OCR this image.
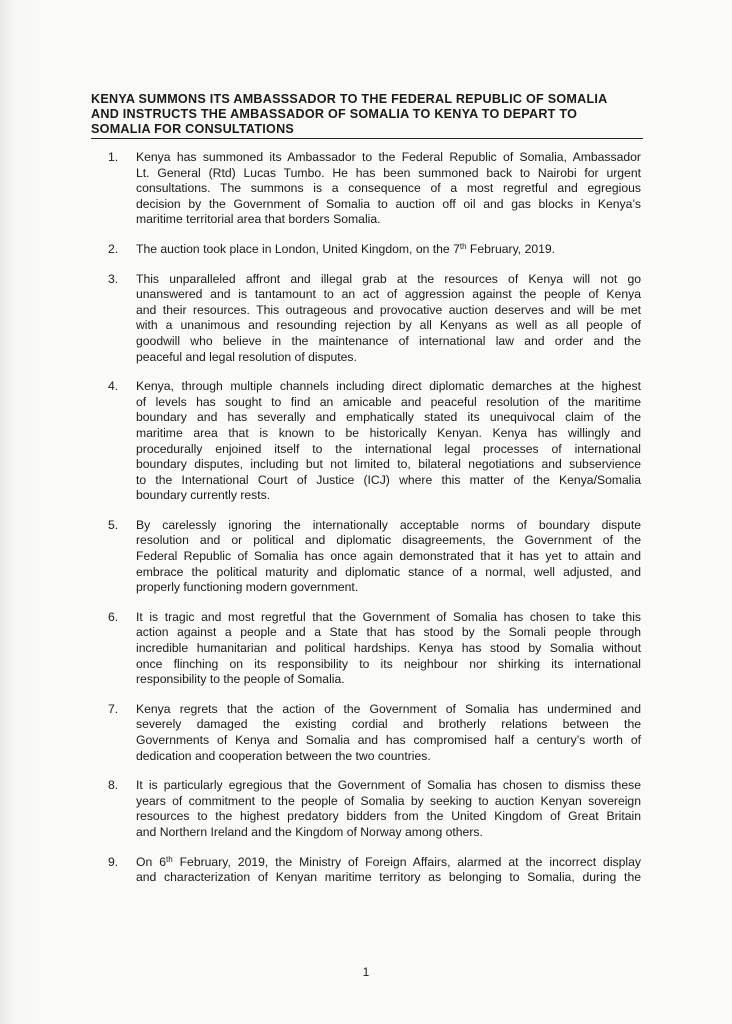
KENYA SUMMONS ITS AMBASSSADOR TO THE FEDERAL REPUBLIC OF SOMALIA
AND INSTRUCTS THE AMBASSADOR OF SOMALIA TO KENYA TO DEPART TO
SOMALIA FOR CONSULTATIONS
1. Kenya has summoned its Ambassador to the Federal Republic of Somalia, Ambassador
Lt. General (Rtd) Lucas Tumbo. He has been summoned back to Nairobi for urgent
consultations. The summons is a consequence of a most regretful and egregious
decision by the Government of Somalia to auction off oil and gas blocks in Kenya’s
maritime territorial area that borders Somalia.
2. The auction took place in London, United Kingdom, on the 7th February, 2019.
3. This unparalleled affront and illegal grab at the resources of Kenya will not go
unanswered and is tantamount to an act of aggression against the people of Kenya
and their resources. This outrageous and provocative auction deserves and will be met
with a unanimous and resounding rejection by all Kenyans as well as all people of
goodwill who believe in the maintenance of international law and order and the
peaceful and legal resolution of disputes.
4. Kenya, through multiple channels including direct diplomatic demarches at the highest
of levels has sought to find an amicable and peaceful resolution of the maritime
boundary and has severally and emphatically stated its unequivocal claim of the
maritime area that is known to be historically Kenyan. Kenya has willingly and
procedurally enjoined itself to the international legal processes of international
boundary disputes, including but not limited to, bilateral negotiations and subservience
to the International Court of Justice (ICJ) where this matter of the Kenya/Somalia
boundary currently rests.
5. By carelessly ignoring the internationally acceptable norms of boundary dispute
resolution and or political and diplomatic disagreements, the Government of the
Federal Republic of Somalia has once again demonstrated that it has yet to attain and
embrace the political maturity and diplomatic stance of a normal, well adjusted, and
properly functioning modern government.
6. It is tragic and most regretful that the Government of Somalia has chosen to take this
action against a people and a State that has stood by the Somali people through
incredible humanitarian and political hardships. Kenya has stood by Somalia without
once flinching on its responsibility to its neighbour nor shirking its international
responsibility to the people of Somalia.
7. Kenya regrets that the action of the Government of Somalia has undermined and
severely damaged the existing cordial and brotherly relations between the
Governments of Kenya and Somalia and has compromised half a century’s worth of
dedication and cooperation between the two countries.
8. It is particularly egregious that the Government of Somalia has chosen to dismiss these
years of commitment to the people of Somalia by seeking to auction Kenyan sovereign
resources to the highest predatory bidders from the United Kingdom of Great Britain
and Northern Ireland and the Kingdom of Norway among others.
9. On 6th February, 2019, the Ministry of Foreign Affairs, alarmed at the incorrect display
and characterization of Kenyan maritime territory as belonging to Somalia, during the
1
